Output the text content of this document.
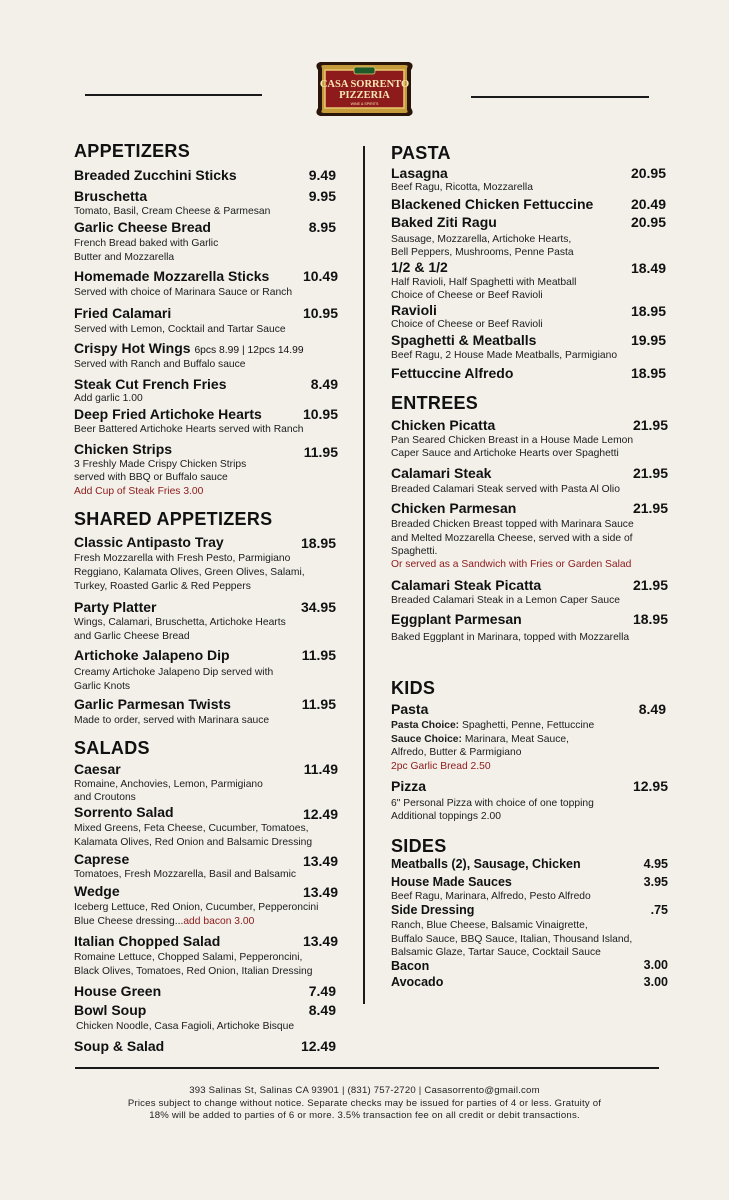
CASA SORRENTO
PIZZERIA
WINE & SPIRITS
APPETIZERS
Breaded Zucchini Sticks	9.49
Bruschetta	9.95
Tomato, Basil, Cream Cheese & Parmesan
Garlic Cheese Bread	8.95
French Bread baked with Garlic
Butter and Mozzarella
Homemade Mozzarella Sticks	10.49
Served with choice of Marinara Sauce or Ranch
Fried Calamari	10.95
Served with Lemon, Cocktail and Tartar Sauce
Crispy Hot Wings 6pcs 8.99 | 12pcs 14.99
Served with Ranch and Buffalo sauce
Steak Cut French Fries	8.49
Add garlic 1.00
Deep Fried Artichoke Hearts	10.95
Beer Battered Artichoke Hearts served with Ranch
Chicken Strips	11.95
3 Freshly Made Crispy Chicken Strips
served with BBQ or Buffalo sauce
Add Cup of Steak Fries 3.00
SHARED APPETIZERS
Classic Antipasto Tray	18.95
Fresh Mozzarella with Fresh Pesto, Parmigiano
Reggiano, Kalamata Olives, Green Olives, Salami,
Turkey, Roasted Garlic & Red Peppers
Party Platter	34.95
Wings, Calamari, Bruschetta, Artichoke Hearts
and Garlic Cheese Bread
Artichoke Jalapeno Dip	11.95
Creamy Artichoke Jalapeno Dip served with
Garlic Knots
Garlic Parmesan Twists	11.95
Made to order, served with Marinara sauce
SALADS
Caesar	11.49
Romaine, Anchovies, Lemon, Parmigiano
and Croutons
Sorrento Salad	12.49
Mixed Greens, Feta Cheese, Cucumber, Tomatoes,
Kalamata Olives, Red Onion and Balsamic Dressing
Caprese	13.49
Tomatoes, Fresh Mozzarella, Basil and Balsamic
Wedge	13.49
Iceberg Lettuce, Red Onion, Cucumber, Pepperoncini
Blue Cheese dressing...add bacon 3.00
Italian Chopped Salad	13.49
Romaine Lettuce, Chopped Salami, Pepperoncini,
Black Olives, Tomatoes, Red Onion, Italian Dressing
House Green	7.49
Bowl Soup	8.49
Chicken Noodle, Casa Fagioli, Artichoke Bisque
Soup & Salad	12.49
PASTA
Lasagna	20.95
Beef Ragu, Ricotta, Mozzarella
Blackened Chicken Fettuccine	20.49
Baked Ziti Ragu	20.95
Sausage, Mozzarella, Artichoke Hearts,
Bell Peppers, Mushrooms, Penne Pasta
1/2 & 1/2	18.49
Half Ravioli, Half Spaghetti with Meatball
Choice of Cheese or Beef Ravioli
Ravioli	18.95
Choice of Cheese or Beef Ravioli
Spaghetti & Meatballs	19.95
Beef Ragu, 2 House Made Meatballs, Parmigiano
Fettuccine Alfredo	18.95
ENTREES
Chicken Picatta	21.95
Pan Seared Chicken Breast in a House Made Lemon
Caper Sauce and Artichoke Hearts over Spaghetti
Calamari Steak	21.95
Breaded Calamari Steak served with Pasta Al Olio
Chicken Parmesan	21.95
Breaded Chicken Breast topped with Marinara Sauce
and Melted Mozzarella Cheese, served with a side of
Spaghetti.
Or served as a Sandwich with Fries or Garden Salad
Calamari Steak Picatta	21.95
Breaded Calamari Steak in a Lemon Caper Sauce
Eggplant Parmesan	18.95
Baked Eggplant in Marinara, topped with Mozzarella
KIDS
Pasta	8.49
Pasta Choice: Spaghetti, Penne, Fettuccine
Sauce Choice: Marinara, Meat Sauce,
Alfredo, Butter & Parmigiano
2pc Garlic Bread 2.50
Pizza	12.95
6" Personal Pizza with choice of one topping
Additional toppings 2.00
SIDES
Meatballs (2), Sausage, Chicken	4.95
House Made Sauces	3.95
Beef Ragu, Marinara, Alfredo, Pesto Alfredo
Side Dressing	.75
Ranch, Blue Cheese, Balsamic Vinaigrette,
Buffalo Sauce, BBQ Sauce, Italian, Thousand Island,
Balsamic Glaze, Tartar Sauce, Cocktail Sauce
Bacon	3.00
Avocado	3.00
393 Salinas St, Salinas CA 93901 | (831) 757-2720 | Casasorrento@gmail.com
Prices subject to change without notice. Separate checks may be issued for parties of 4 or less. Gratuity of
18% will be added to parties of 6 or more. 3.5% transaction fee on all credit or debit transactions.
